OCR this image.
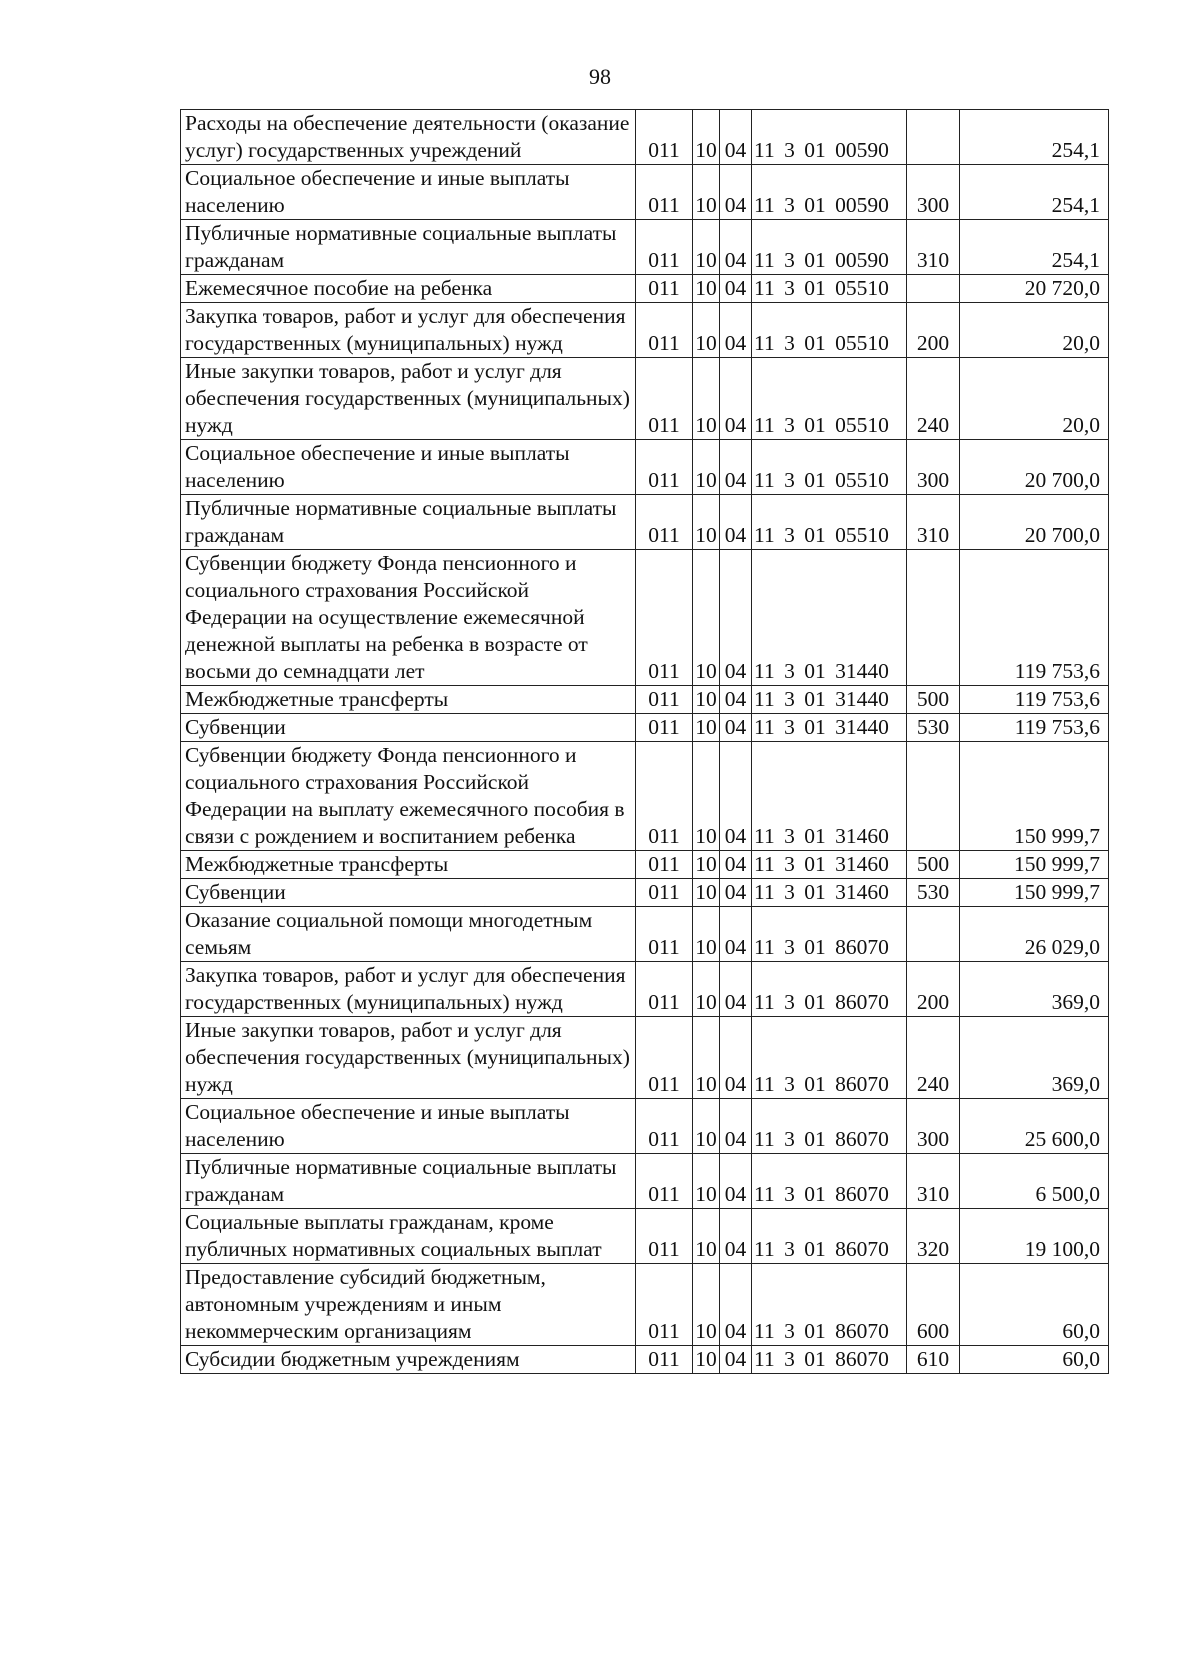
98
Расходы на обеспечение деятельности (оказание услуг) государственных учреждений	011	10	04	11 3 01 00590		254,1
Социальное обеспечение и иные выплаты населению	011	10	04	11 3 01 00590	300	254,1
Публичные нормативные социальные выплаты гражданам	011	10	04	11 3 01 00590	310	254,1
Ежемесячное пособие на ребенка	011	10	04	11 3 01 05510		20 720,0
Закупка товаров, работ и услуг для обеспечения государственных (муниципальных) нужд	011	10	04	11 3 01 05510	200	20,0
Иные закупки товаров, работ и услуг для обеспечения государственных (муниципальных) нужд	011	10	04	11 3 01 05510	240	20,0
Социальное обеспечение и иные выплаты населению	011	10	04	11 3 01 05510	300	20 700,0
Публичные нормативные социальные выплаты гражданам	011	10	04	11 3 01 05510	310	20 700,0
Субвенции бюджету Фонда пенсионного и социального страхования Российской Федерации на осуществление ежемесячной денежной выплаты на ребенка в возрасте от восьми до семнадцати лет	011	10	04	11 3 01 31440		119 753,6
Межбюджетные трансферты	011	10	04	11 3 01 31440	500	119 753,6
Субвенции	011	10	04	11 3 01 31440	530	119 753,6
Субвенции бюджету Фонда пенсионного и социального страхования Российской Федерации на выплату ежемесячного пособия в связи с рождением и воспитанием ребенка	011	10	04	11 3 01 31460		150 999,7
Межбюджетные трансферты	011	10	04	11 3 01 31460	500	150 999,7
Субвенции	011	10	04	11 3 01 31460	530	150 999,7
Оказание социальной помощи многодетным семьям	011	10	04	11 3 01 86070		26 029,0
Закупка товаров, работ и услуг для обеспечения государственных (муниципальных) нужд	011	10	04	11 3 01 86070	200	369,0
Иные закупки товаров, работ и услуг для обеспечения государственных (муниципальных) нужд	011	10	04	11 3 01 86070	240	369,0
Социальное обеспечение и иные выплаты населению	011	10	04	11 3 01 86070	300	25 600,0
Публичные нормативные социальные выплаты гражданам	011	10	04	11 3 01 86070	310	6 500,0
Социальные выплаты гражданам, кроме публичных нормативных социальных выплат	011	10	04	11 3 01 86070	320	19 100,0
Предоставление субсидий бюджетным, автономным учреждениям и иным некоммерческим организациям	011	10	04	11 3 01 86070	600	60,0
Субсидии бюджетным учреждениям	011	10	04	11 3 01 86070	610	60,0
